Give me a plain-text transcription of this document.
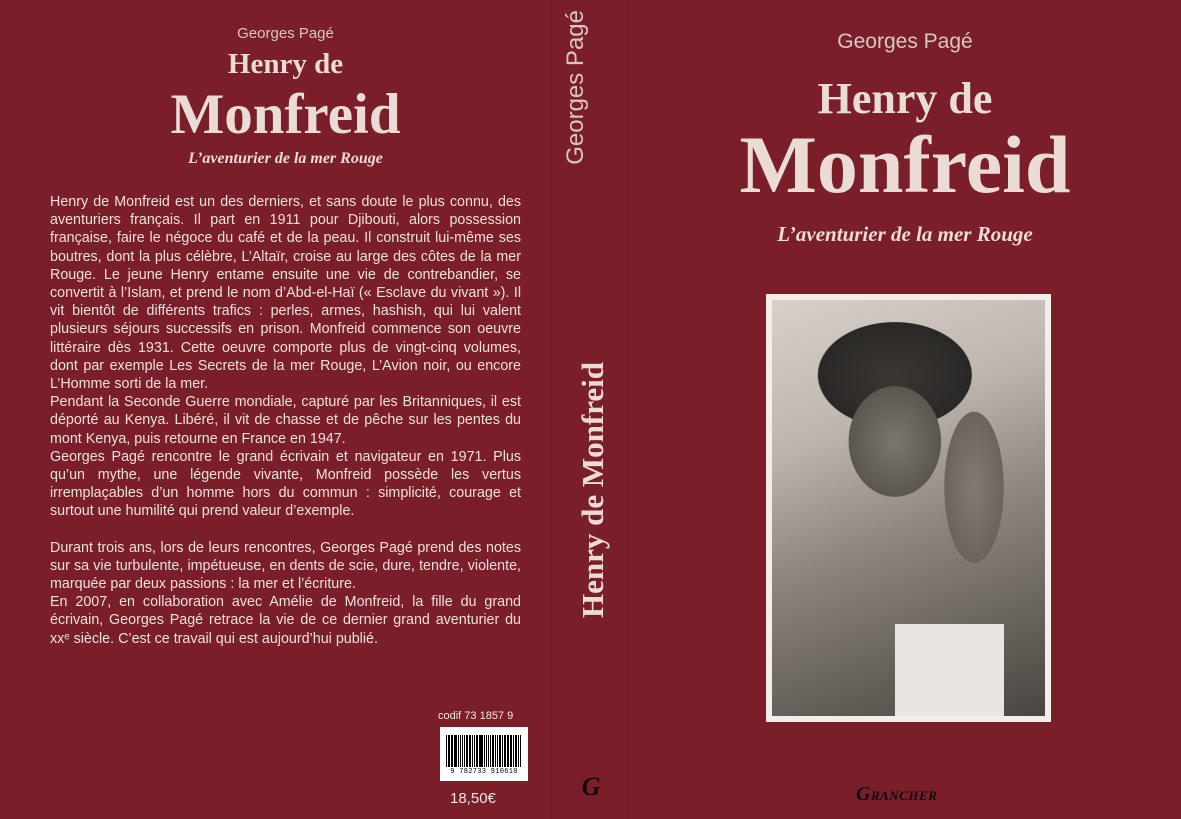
Georges Pagé
Henry de
Monfreid
L’aventurier de la mer Rouge

Henry de Monfreid est un des derniers, et sans doute le plus connu, des aventuriers français. Il part en 1911 pour Djibouti, alors possession française, faire le négoce du café et de la peau. Il construit lui-même ses boutres, dont la plus célèbre, L’Altaïr, croise au large des côtes de la mer Rouge. Le jeune Henry entame ensuite une vie de contrebandier, se convertit à l’Islam, et prend le nom d’Abd-el-Haï (« Esclave du vivant »). Il vit bientôt de différents trafics : perles, armes, hashish, qui lui valent plusieurs séjours successifs en prison. Monfreid commence son oeuvre littéraire dès 1931. Cette oeuvre comporte plus de vingt-cinq volumes, dont par exemple Les Secrets de la mer Rouge, L’Avion noir, ou encore L’Homme sorti de la mer.

Pendant la Seconde Guerre mondiale, capturé par les Britanniques, il est déporté au Kenya. Libéré, il vit de chasse et de pêche sur les pentes du mont Kenya, puis retourne en France en 1947.

Georges Pagé rencontre le grand écrivain et navigateur en 1971. Plus qu’un mythe, une légende vivante, Monfreid possède les vertus irremplaçables d’un homme hors du commun : simplicité, courage et surtout une humilité qui prend valeur d’exemple.

Durant trois ans, lors de leurs rencontres, Georges Pagé prend des notes sur sa vie turbulente, impétueuse, en dents de scie, dure, tendre, violente, marquée par deux passions : la mer et l’écriture.

En 2007, en collaboration avec Amélie de Monfreid, la fille du grand écrivain, Georges Pagé retrace la vie de ce dernier grand aventurier du xxᵉ siècle. C’est ce travail qui est aujourd’hui publié.

codif 73 1857 9
9 782733 910610
18,50€
Georges Pagé
Henry de Monfreid
G
Georges Pagé
Henry de
Monfreid
L’aventurier de la mer Rouge
GRANCHER
